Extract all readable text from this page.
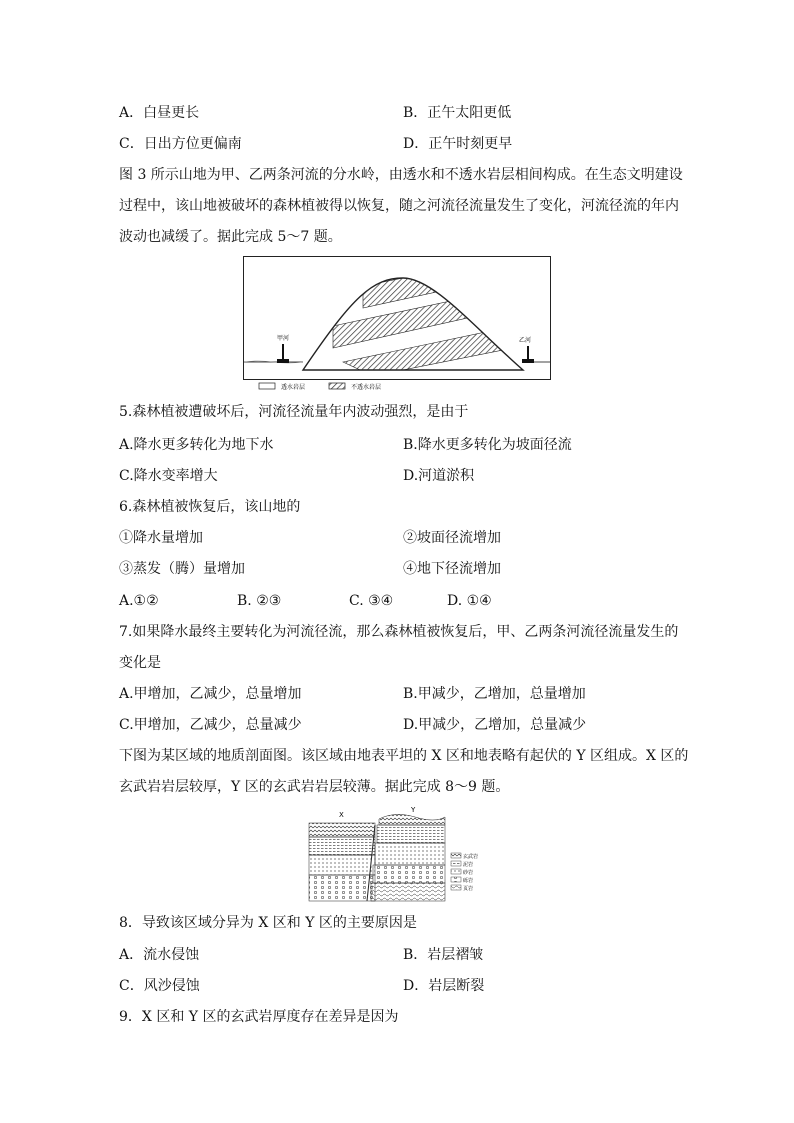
A．白昼更长	B．正午太阳更低
C．日出方位更偏南	D．正午时刻更早
图 3 所示山地为甲、乙两条河流的分水岭，由透水和不透水岩层相间构成。在生态文明建设
过程中，该山地被破坏的森林植被得以恢复，随之河流径流量发生了变化，河流径流的年内
波动也减缓了。据此完成 5～7 题。
甲河	乙河
透水岩层	不透水岩层
5.森林植被遭破坏后，河流径流量年内波动强烈，是由于
A.降水更多转化为地下水	B.降水更多转化为坡面径流
C.降水变率增大	D.河道淤积
6.森林植被恢复后，该山地的
①降水量增加	②坡面径流增加
③蒸发（腾）量增加	④地下径流增加
A.①②	B. ②③	C. ③④	D. ①④
7.如果降水最终主要转化为河流径流，那么森林植被恢复后，甲、乙两条河流径流量发生的
变化是
A.甲增加，乙减少，总量增加	B.甲减少，乙增加，总量增加
C.甲增加，乙减少，总量减少	D.甲减少，乙增加，总量减少
下图为某区域的地质剖面图。该区域由地表平坦的 X 区和地表略有起伏的 Y 区组成。X 区的
玄武岩岩层较厚，Y 区的玄武岩岩层较薄。据此完成 8～9 题。
X
Y
玄武岩
泥岩
砂岩
砾岩
页岩
8．导致该区域分异为 X 区和 Y 区的主要原因是
A．流水侵蚀	B．岩层褶皱
C．风沙侵蚀	D．岩层断裂
9．X 区和 Y 区的玄武岩厚度存在差异是因为
